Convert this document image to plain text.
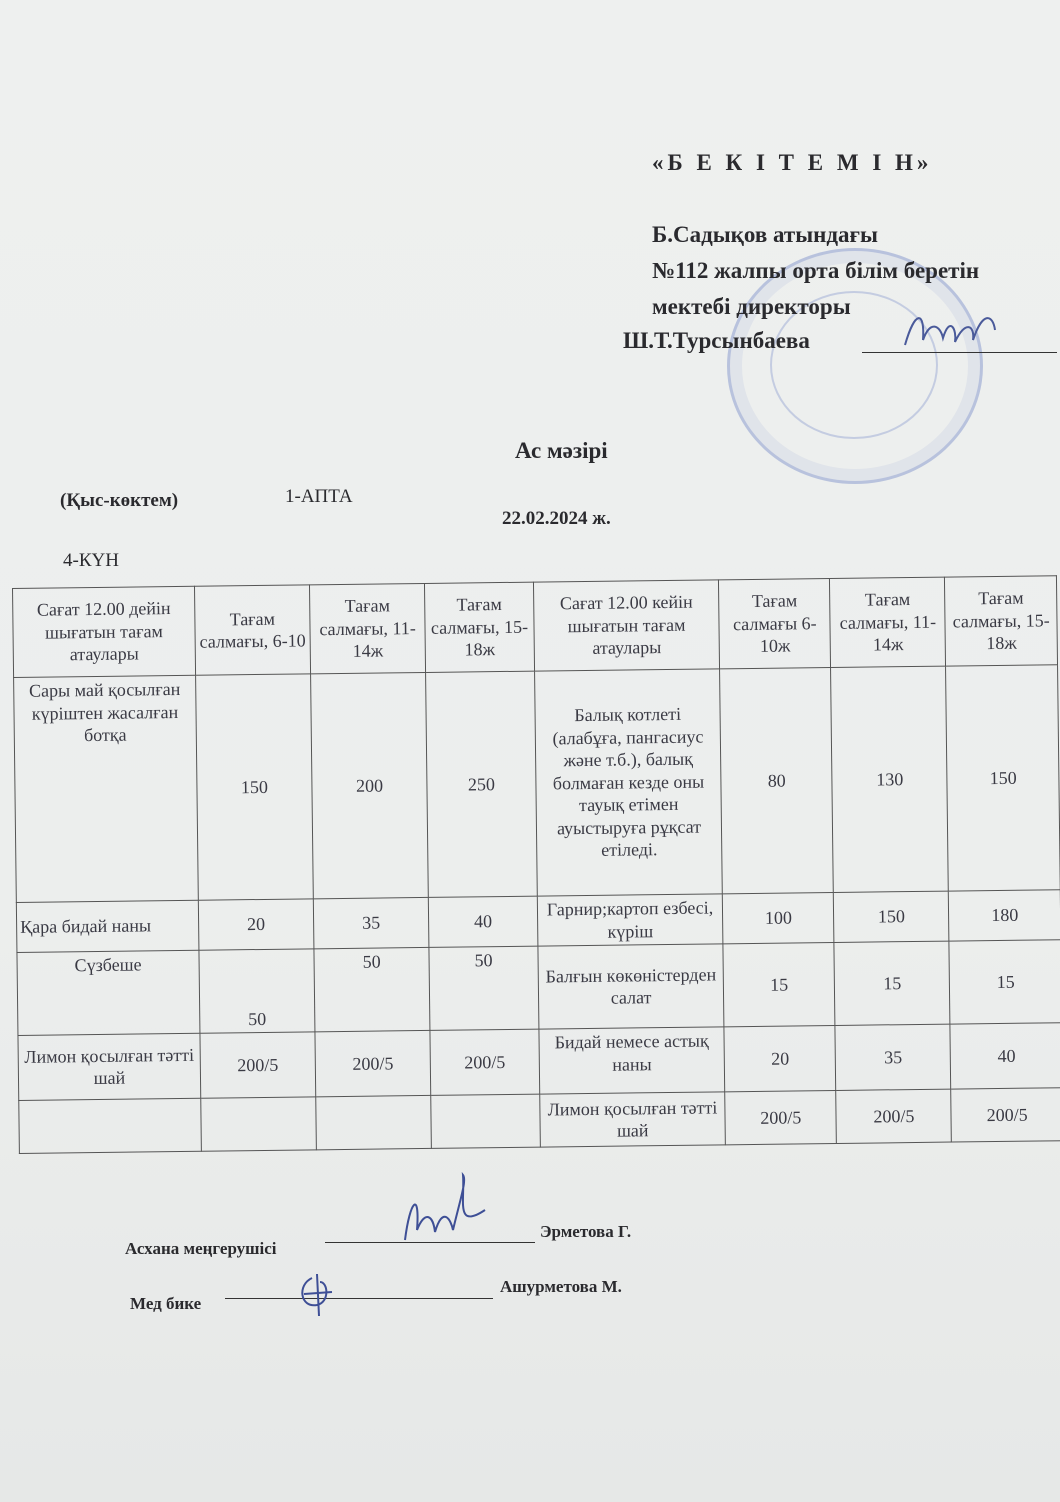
«Б Е К І Т Е М І Н»
Б.Садықов атындағы
№112 жалпы орта білім беретін
мектебі директоры
Ш.Т.Турсынбаева
Ас мәзірі
(Қыс-көктем)	1-АПТА
22.02.2024 ж.
4-КҮН
Сағат 12.00 дейін шығатын тағам атаулары	Тағам салмағы, 6-10	Тағам салмағы, 11-14ж	Тағам салмағы, 15-18ж	Сағат 12.00 кейін шығатын тағам атаулары	Тағам салмағы 6-10ж	Тағам салмағы, 11-14ж	Тағам салмағы, 15-18ж
Сары май қосылған күріштен жасалған ботқа	150	200	250	Балық котлеті (алабұға, пангасиус және т.б.), балық болмаған кезде оны тауық етімен ауыстыруға рұқсат етіледі.	80	130	150
Қара бидай наны	20	35	40	Гарнир;картоп езбесі, күріш	100	150	180
Сүзбеше	50	50	50	Балғын көкөністерден салат	15	15	15
Лимон қосылған тәтті шай	200/5	200/5	200/5	Бидай немесе астық наны	20	35	40
				Лимон қосылған тәтті шай	200/5	200/5	200/5
Асхана меңгерушісі
Эрметова Г.
Мед бике
Ашурметова М.
